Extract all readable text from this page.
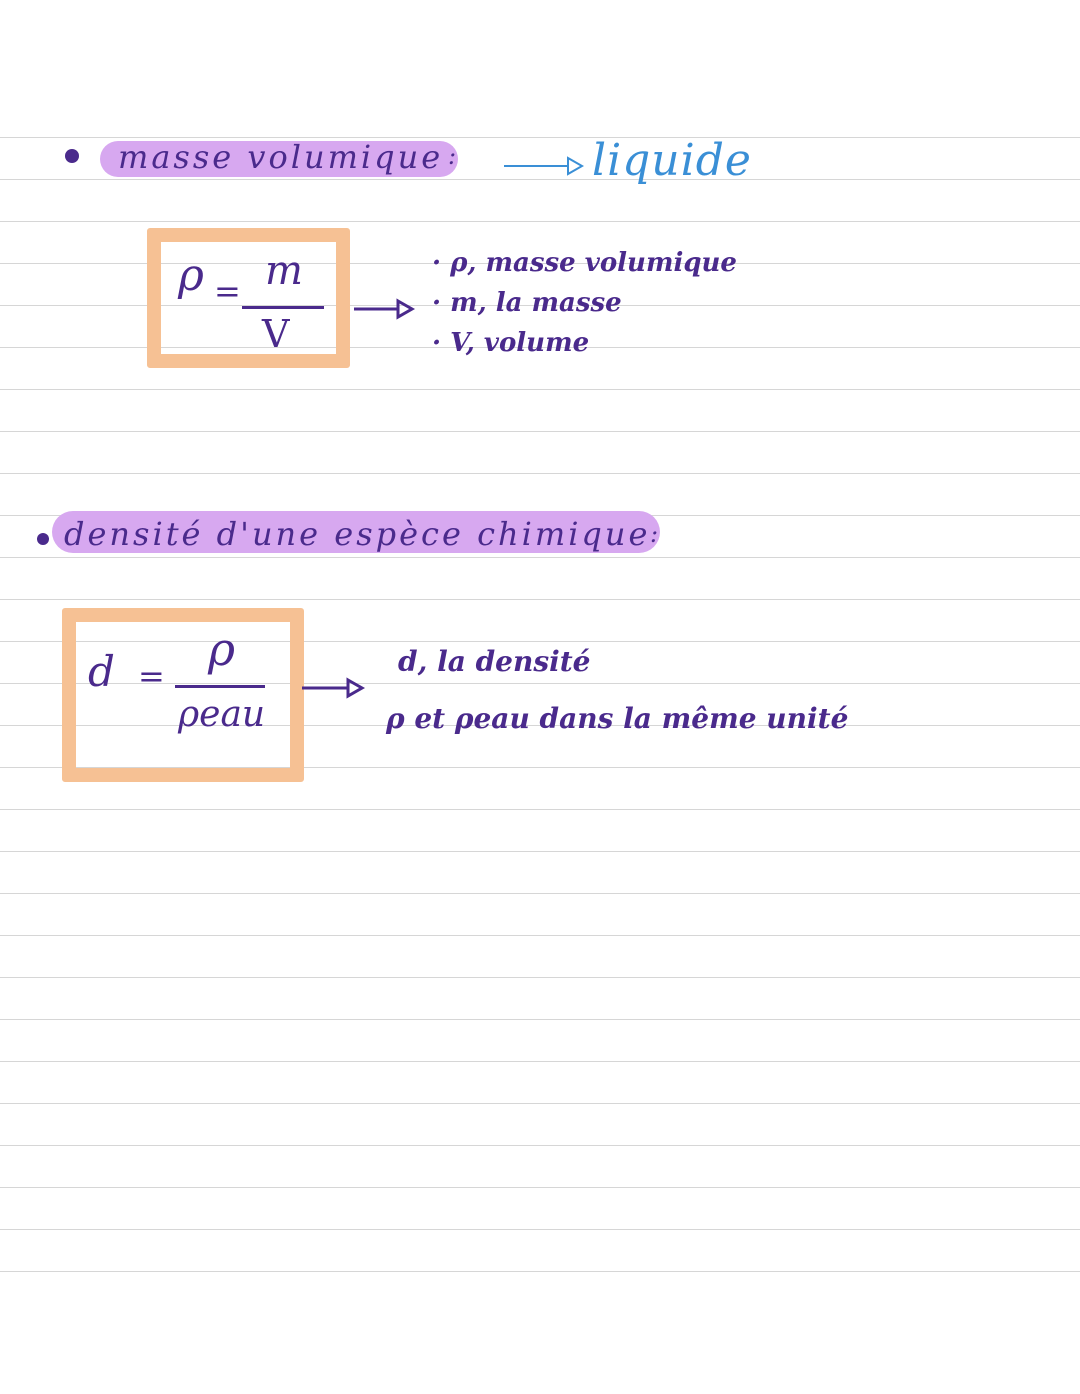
masse volumique :	liquide
ρ = m
V
· ρ, masse volumique
· m, la masse
· V, volume
densité d'une espèce chimique :
d = ρ
ρeau
d, la densité
ρ et ρeau dans la même unité
